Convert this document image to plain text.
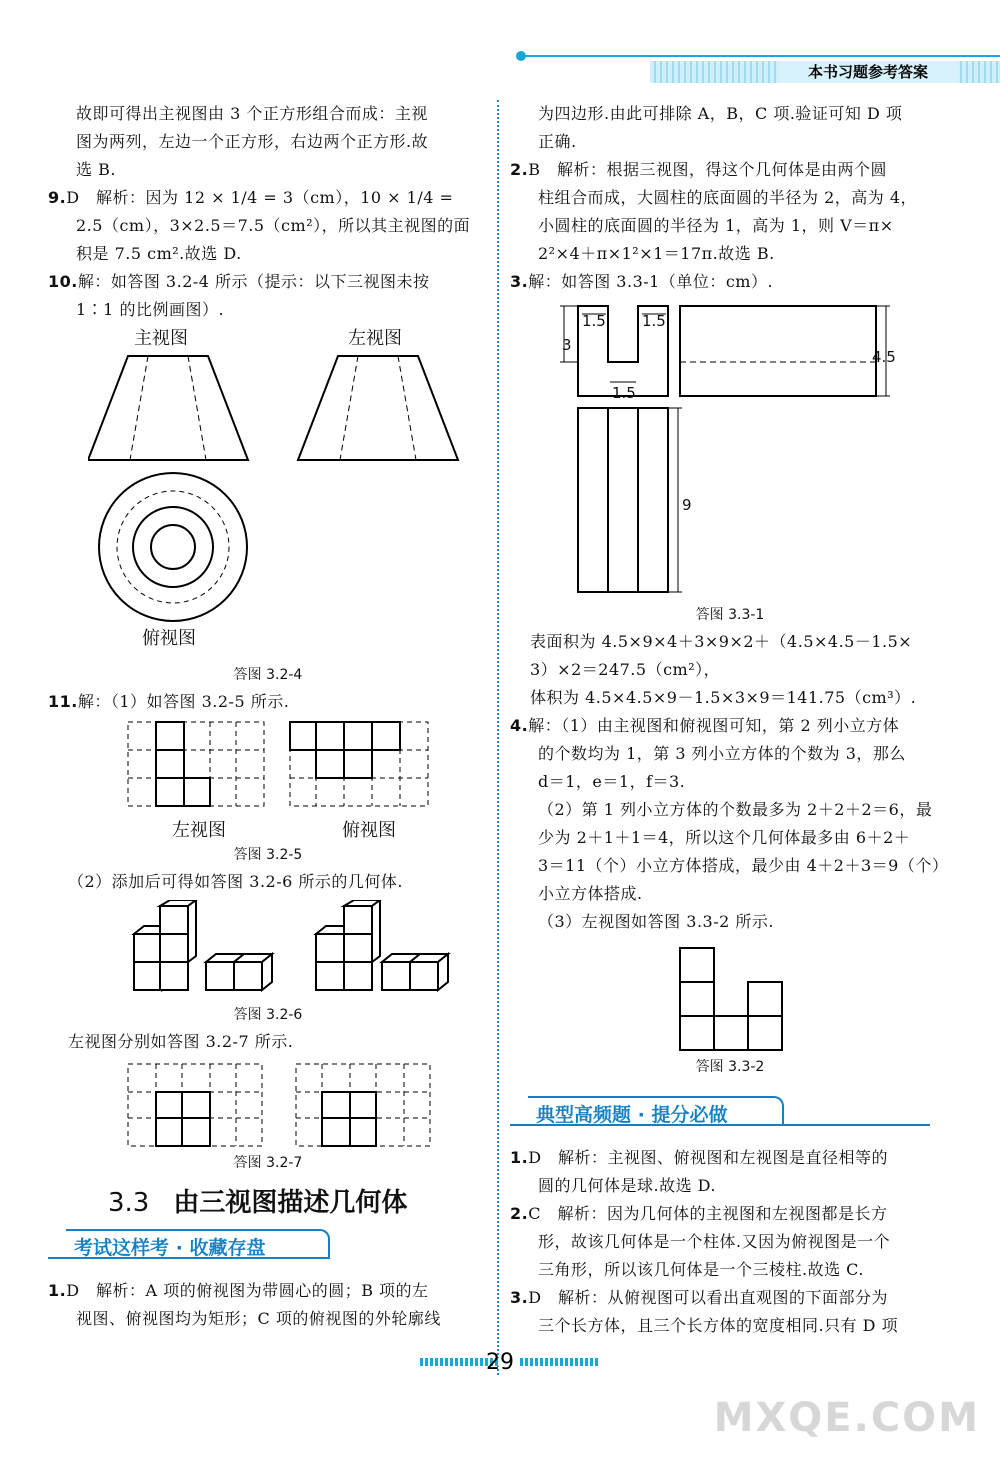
本书习题参考答案

故即可得出主视图由 3 个正方形组合而成：主视

图为两列，左边一个正方形，右边两个正方形.故

选 B.

9.D　解析：因为 12 × 1/4 = 3（cm），10 × 1/4 =

2.5（cm），3×2.5＝7.5（cm²），所以其主视图的面

积是 7.5 cm².故选 D.

10.解：如答图 3.2-4 所示（提示：以下三视图未按

1∶1 的比例画图）.

主视图	左视图
俯视图
答图 3.2-4

11.解：（1）如答图 3.2-5 所示.

左视图	俯视图
答图 3.2-5

（2）添加后可得如答图 3.2-6 所示的几何体.

答图 3.2-6

左视图分别如答图 3.2-7 所示.

答图 3.2-7
3.3 由三视图描述几何体
考试这样考 · 收藏存盘

1.D　解析：A 项的俯视图为带圆心的圆；B 项的左

视图、俯视图均为矩形；C 项的俯视图的外轮廓线

为四边形.由此可排除 A，B，C 项.验证可知 D 项

正确.

2.B　解析：根据三视图，得这个几何体是由两个圆

柱组合而成，大圆柱的底面圆的半径为 2，高为 4，

小圆柱的底面圆的半径为 1，高为 1，则 V＝π×

2²×4＋π×1²×1＝17π.故选 B.

3.解：如答图 3.3-1（单位：cm）.

1.5 1.5
1.5
3
4.5
9
答图 3.3-1

表面积为 4.5×9×4＋3×9×2＋（4.5×4.5－1.5×

3）×2＝247.5（cm²），

体积为 4.5×4.5×9－1.5×3×9＝141.75（cm³）.

4.解：（1）由主视图和俯视图可知，第 2 列小立方体

的个数均为 1，第 3 列小立方体的个数为 3，那么

d＝1，e＝1，f＝3.

（2）第 1 列小立方体的个数最多为 2＋2＋2＝6，最

少为 2＋1＋1＝4，所以这个几何体最多由 6＋2＋

3＝11（个）小立方体搭成，最少由 4＋2＋3＝9（个）

小立方体搭成.

（3）左视图如答图 3.3-2 所示.

答图 3.3-2
典型高频题 · 提分必做

1.D　解析：主视图、俯视图和左视图是直径相等的

圆的几何体是球.故选 D.

2.C　解析：因为几何体的主视图和左视图都是长方

形，故该几何体是一个柱体.又因为俯视图是一个

三角形，所以该几何体是一个三棱柱.故选 C.

3.D　解析：从俯视图可以看出直观图的下面部分为

三个长方体，且三个长方体的宽度相同.只有 D 项

29
MXQE.COM
